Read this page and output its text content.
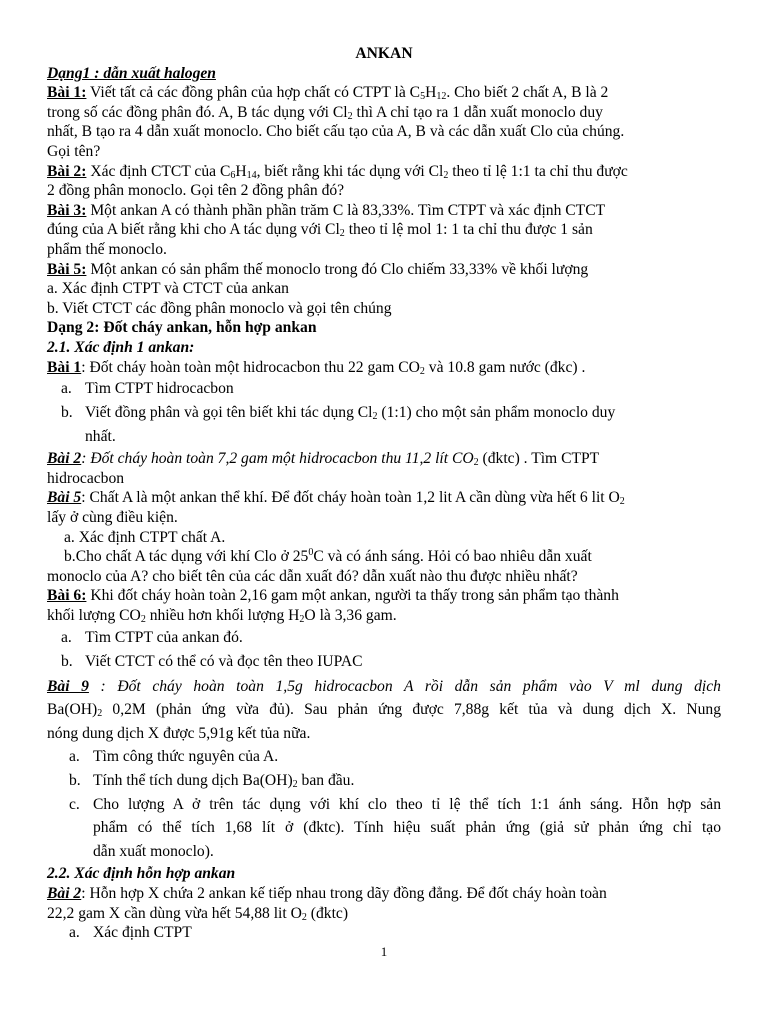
ANKAN
Dạng1 : dẫn xuất halogen
Bài 1: Viết tất cả các đồng phân của hợp chất có CTPT là $C_5H_{12}$. Cho biết 2 chất A, B là 2
trong số các đồng phân đó. A, B tác dụng với $Cl_2$ thì A chỉ tạo ra 1 dẫn xuất monoclo duy
nhất, B tạo ra 4 dẫn xuất monoclo. Cho biết cấu tạo của A, B và các dẫn xuất Clo của chúng.
Gọi tên?
Bài 2: Xác định CTCT của $C_6H_{14}$, biết rằng khi tác dụng với $Cl_2$ theo tỉ lệ 1:1 ta chỉ thu được
2 đồng phân monoclo. Gọi tên 2 đồng phân đó?
Bài 3: Một ankan A có thành phần phần trăm C là 83,33%. Tìm CTPT và xác định CTCT
đúng của A biết rằng khi cho A tác dụng với $Cl_2$ theo tỉ lệ mol 1: 1 ta chỉ thu được 1 sản
phẩm thế monoclo.
Bài 5: Một ankan có sản phẩm thế monoclo trong đó Clo chiếm 33,33% về khối lượng
a. Xác định CTPT và CTCT của ankan
b. Viết CTCT các đồng phân monoclo và gọi tên chúng
Dạng 2: Đốt cháy ankan, hỗn hợp ankan
2.1. Xác định 1 ankan:
Bài 1: Đốt cháy hoàn toàn một hidrocacbon thu 22 gam $CO_2$ và 10.8 gam nước (đkc) .
a. Tìm CTPT hidrocacbon
b. Viết đồng phân và gọi tên biết khi tác dụng $Cl_2$ (1:1) cho một sản phẩm monoclo duy
nhất.
Bài 2: Đốt cháy hoàn toàn 7,2 gam một hidrocacbon thu 11,2 lít $CO_2$ (đktc) . Tìm CTPT
hidrocacbon
Bài 5: Chất A là một ankan thể khí. Để đốt cháy hoàn toàn 1,2 lit A cần dùng vừa hết 6 lit $O_2$
lấy ở cùng điều kiện.
a. Xác định CTPT chất A.
b.Cho chất A tác dụng với khí Clo ở $25^0C$ và có ánh sáng. Hỏi có bao nhiêu dẫn xuất
monoclo của A? cho biết tên của các dẫn xuất đó? dẫn xuất nào thu được nhiều nhất?
Bài 6: Khi đốt cháy hoàn toàn 2,16 gam một ankan, người ta thấy trong sản phẩm tạo thành
khối lượng $CO_2$ nhiều hơn khối lượng $H_2O$ là 3,36 gam.
a. Tìm CTPT của ankan đó.
b. Viết CTCT có thể có và đọc tên theo IUPAC
Bài 9 : Đốt cháy hoàn toàn 1,5g hidrocacbon A rồi dẫn sản phẩm vào V ml dung dịch
$Ba(OH)_2$ 0,2M (phản ứng vừa đủ). Sau phản ứng được 7,88g kết tủa và dung dịch X. Nung
nóng dung dịch X được 5,91g kết tủa nữa.
a. Tìm công thức nguyên của A.
b. Tính thể tích dung dịch $Ba(OH)_2$ ban đầu.
c. Cho lượng A ở trên tác dụng với khí clo theo tỉ lệ thể tích 1:1 ánh sáng. Hỗn hợp sản
phẩm có thể tích 1,68 lít ở (đktc). Tính hiệu suất phản ứng (giả sử phản ứng chỉ tạo
dẫn xuất monoclo).
2.2. Xác định hỗn hợp ankan
Bài 2: Hỗn hợp X chứa 2 ankan kế tiếp nhau trong dãy đồng đẳng. Để đốt cháy hoàn toàn
22,2 gam X cần dùng vừa hết 54,88 lit $O_2$ (đktc)
a. Xác định CTPT
1
